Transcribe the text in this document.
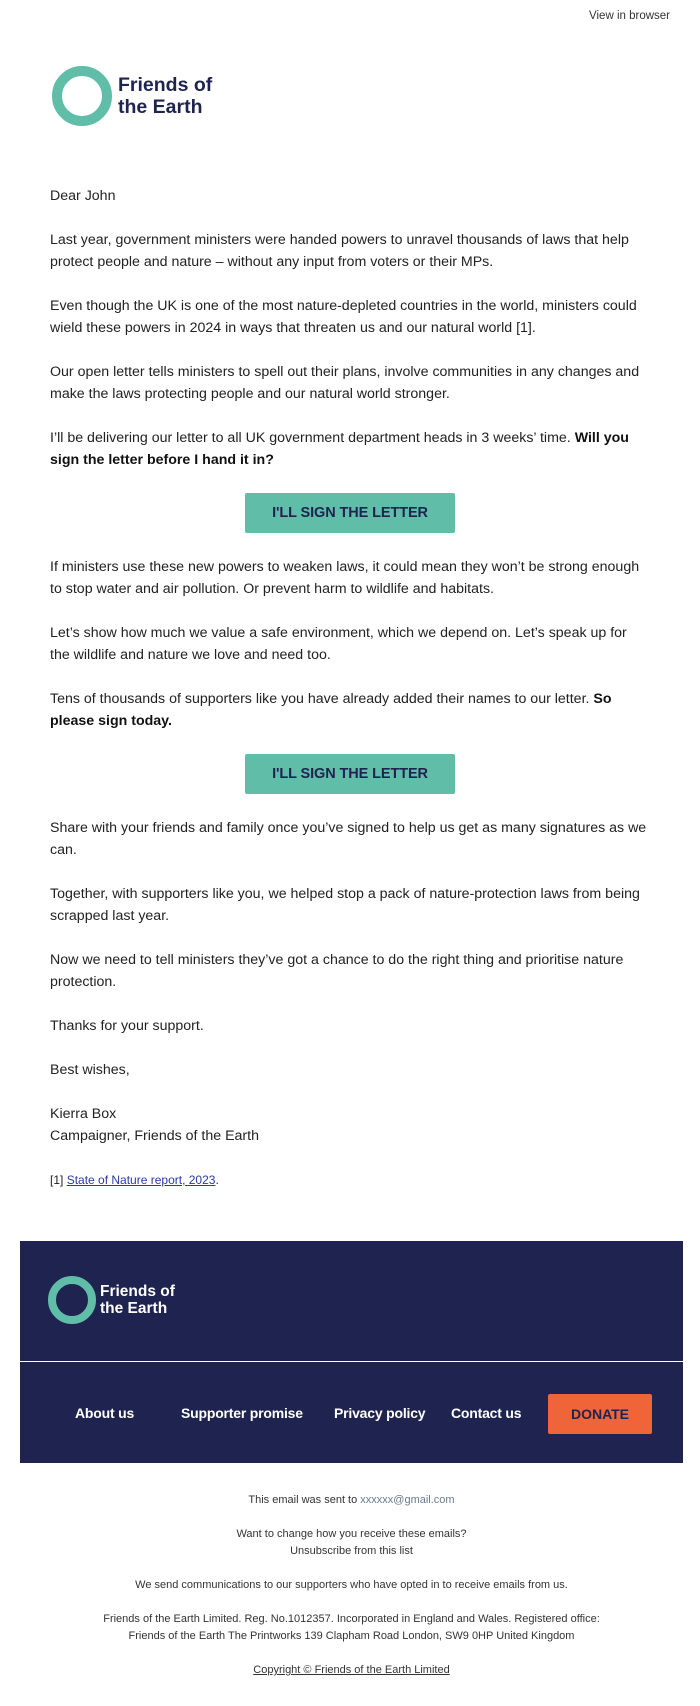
View in browser
Friends of
the Earth

Dear John

Last year, government ministers were handed powers to unravel thousands of laws that help protect people and nature – without any input from voters or their MPs.

Even though the UK is one of the most nature-depleted countries in the world, ministers could wield these powers in 2024 in ways that threaten us and our natural world [1].

Our open letter tells ministers to spell out their plans, involve communities in any changes and make the laws protecting people and our natural world stronger.

I’ll be delivering our letter to all UK government department heads in 3 weeks’ time. Will you sign the letter before I hand it in?

I'LL SIGN THE LETTER

If ministers use these new powers to weaken laws, it could mean they won’t be strong enough to stop water and air pollution. Or prevent harm to wildlife and habitats.

Let’s show how much we value a safe environment, which we depend on. Let’s speak up for the wildlife and nature we love and need too.

Tens of thousands of supporters like you have already added their names to our letter. So please sign today.

I'LL SIGN THE LETTER

Share with your friends and family once you’ve signed to help us get as many signatures as we can.

Together, with supporters like you, we helped stop a pack of nature-protection laws from being scrapped last year.

Now we need to tell ministers they’ve got a chance to do the right thing and prioritise nature protection.

Thanks for your support.

Best wishes,

Kierra Box
Campaigner, Friends of the Earth

[1] State of Nature report, 2023.

Friends of
the Earth
About us	Supporter promise Privacy policy Contact us	DONATE

This email was sent to xxxxxx@gmail.com

Want to change how you receive these emails?
Unsubscribe from this list

We send communications to our supporters who have opted in to receive emails from us.

Friends of the Earth Limited. Reg. No.1012357. Incorporated in England and Wales. Registered office:
Friends of the Earth The Printworks 139 Clapham Road London, SW9 0HP United Kingdom

Copyright © Friends of the Earth Limited
